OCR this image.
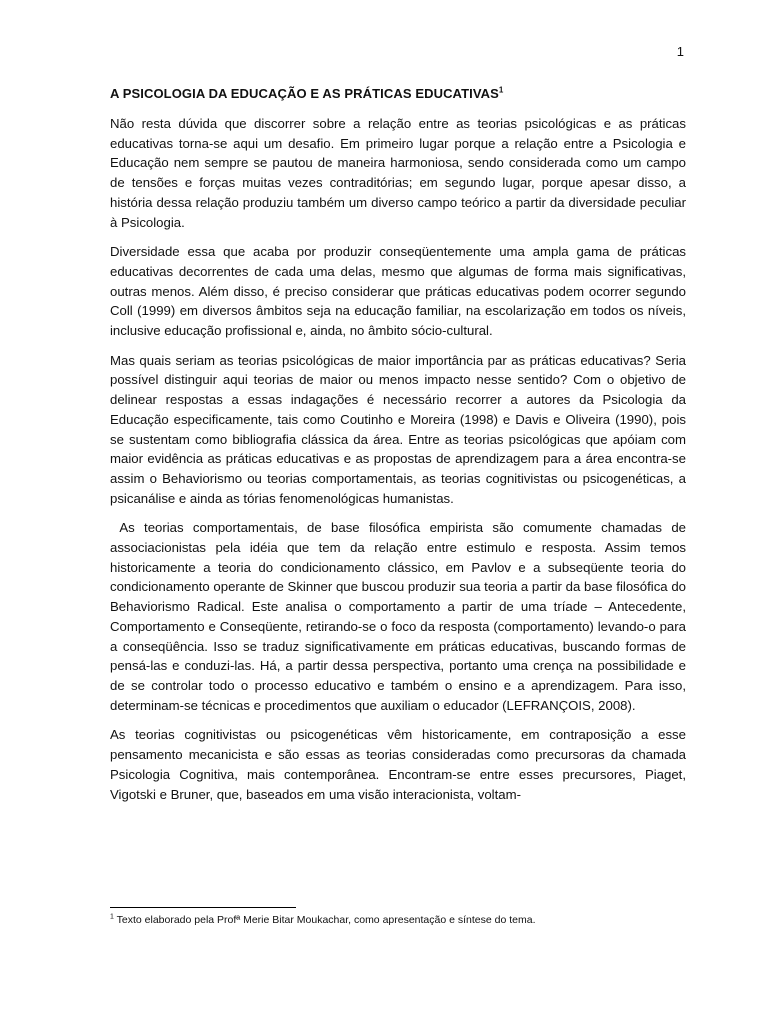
1
A PSICOLOGIA DA EDUCAÇÃO E AS PRÁTICAS EDUCATIVAS$^1$

Não resta dúvida que discorrer sobre a relação entre as teorias psicológicas e as práticas educativas torna-se aqui um desafio. Em primeiro lugar porque a relação entre a Psicologia e Educação nem sempre se pautou de maneira harmoniosa, sendo considerada como um campo de tensões e forças muitas vezes contraditórias; em segundo lugar, porque apesar disso, a história dessa relação produziu também um diverso campo teórico a partir da diversidade peculiar à Psicologia.

Diversidade essa que acaba por produzir conseqüentemente uma ampla gama de práticas educativas decorrentes de cada uma delas, mesmo que algumas de forma mais significativas, outras menos. Além disso, é preciso considerar que práticas educativas podem ocorrer segundo Coll (1999) em diversos âmbitos seja na educação familiar, na escolarização em todos os níveis, inclusive educação profissional e, ainda, no âmbito sócio-cultural.

Mas quais seriam as teorias psicológicas de maior importância par as práticas educativas? Seria possível distinguir aqui teorias de maior ou menos impacto nesse sentido? Com o objetivo de delinear respostas a essas indagações é necessário recorrer a autores da Psicologia da Educação especificamente, tais como Coutinho e Moreira (1998) e Davis e Oliveira (1990), pois se sustentam como bibliografia clássica da área. Entre as teorias psicológicas que apóiam com maior evidência as práticas educativas e as propostas de aprendizagem para a área encontra-se assim o Behaviorismo ou teorias comportamentais, as teorias cognitivistas ou psicogenéticas, a psicanálise e ainda as tórias fenomenológicas humanistas.

As teorias comportamentais, de base filosófica empirista são comumente chamadas de associacionistas pela idéia que tem da relação entre estimulo e resposta. Assim temos historicamente a teoria do condicionamento clássico, em Pavlov e a subseqüente teoria do condicionamento operante de Skinner que buscou produzir sua teoria a partir da base filosófica do Behaviorismo Radical. Este analisa o comportamento a partir de uma tríade – Antecedente, Comportamento e Conseqüente, retirando-se o foco da resposta (comportamento) levando-o para a conseqüência. Isso se traduz significativamente em práticas educativas, buscando formas de pensá-las e conduzi-las. Há, a partir dessa perspectiva, portanto uma crença na possibilidade e de se controlar todo o processo educativo e também o ensino e a aprendizagem. Para isso, determinam-se técnicas e procedimentos que auxiliam o educador (LEFRANÇOIS, 2008).

As teorias cognitivistas ou psicogenéticas vêm historicamente, em contraposição a esse pensamento mecanicista e são essas as teorias consideradas como precursoras da chamada Psicologia Cognitiva, mais contemporânea. Encontram-se entre esses precursores, Piaget, Vigotski e Bruner, que, baseados em uma visão interacionista, voltam-

$^1$ Texto elaborado pela Profª Merie Bitar Moukachar, como apresentação e síntese do tema.
